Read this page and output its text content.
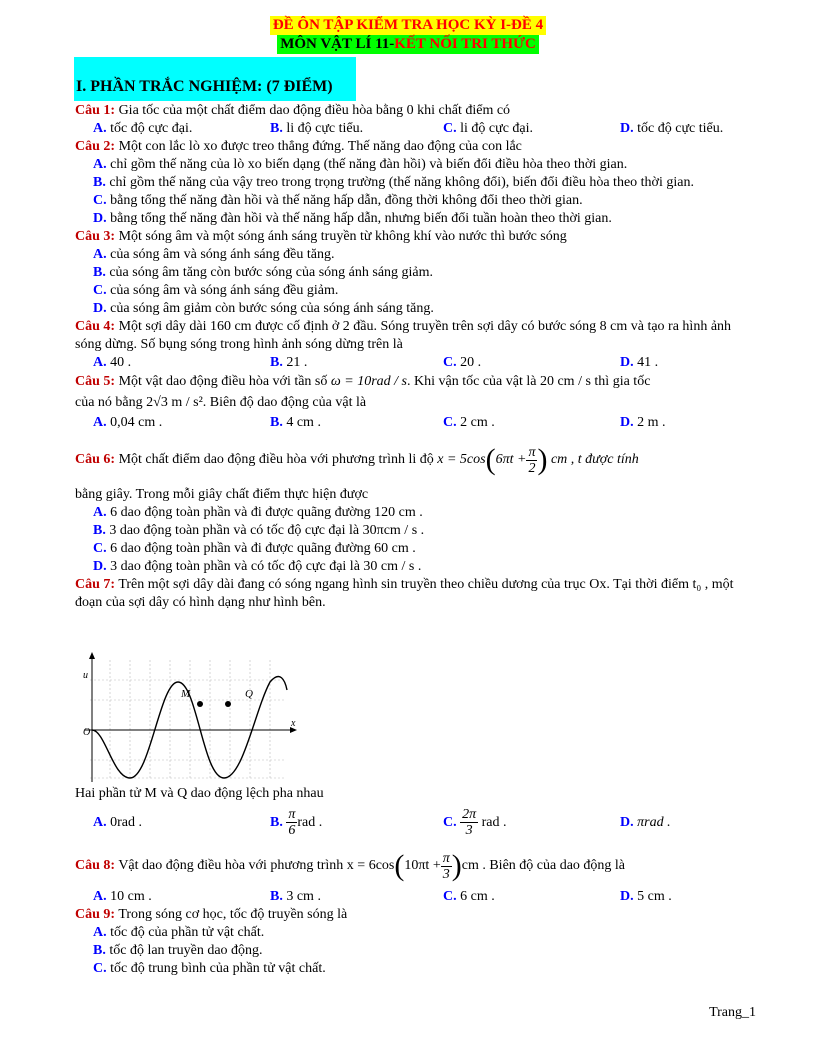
ĐỀ ÔN TẬP KIỂM TRA HỌC KỲ I-ĐỀ 4
MÔN VẬT LÍ 11-KẾT NỐI TRI THỨC
I. PHẦN TRẮC NGHIỆM: (7 ĐIỂM)
Câu 1: Gia tốc của một chất điểm dao động điều hòa bằng 0 khi chất điểm có
A. tốc độ cực đại.	B. li độ cực tiểu.	C. li độ cực đại.	D. tốc độ cực tiểu.
Câu 2: Một con lắc lò xo được treo thẳng đứng. Thế năng dao động của con lắc
A. chỉ gồm thế năng của lò xo biến dạng (thế năng đàn hồi) và biến đổi điều hòa theo thời gian.
B. chỉ gồm thế năng của vậy treo trong trọng trường (thế năng không đổi), biến đổi điều hòa theo thời gian.
C. bằng tổng thế năng đàn hồi và thế năng hấp dẫn, đồng thời không đổi theo thời gian.
D. bằng tổng thế năng đàn hồi và thế năng hấp dẫn, nhưng biến đổi tuần hoàn theo thời gian.
Câu 3: Một sóng âm và một sóng ánh sáng truyền từ không khí vào nước thì bước sóng
A. của sóng âm và sóng ánh sáng đều tăng.
B. của sóng âm tăng còn bước sóng của sóng ánh sáng giảm.
C. của sóng âm và sóng ánh sáng đều giảm.
D. của sóng âm giảm còn bước sóng của sóng ánh sáng tăng.
Câu 4: Một sợi dây dài 160 cm được cố định ở 2 đầu. Sóng truyền trên sợi dây có bước sóng 8 cm và tạo ra hình ảnh sóng dừng. Số bụng sóng trong hình ảnh sóng dừng trên là
A. 40 .	B. 21 .	C. 20 .	D. 41 .
Câu 5: Một vật dao động điều hòa với tần số ω = 10rad / s. Khi vận tốc của vật là 20 cm / s thì gia tốc
của nó bằng 2√3 m / s². Biên độ dao động của vật là
A. 0,04 cm .	B. 4 cm .	C. 2 cm .	D. 2 m .
Câu 6: Một chất điểm dao động điều hòa với phương trình li độ $x = 5\cos(6\pi t + \frac{\pi}{2}$ ) cm , t được tính
bằng giây. Trong mỗi giây chất điểm thực hiện được
A. 6 dao động toàn phần và đi được quãng đường 120 cm .
B. 3 dao động toàn phần và có tốc độ cực đại là 30πcm / s .
C. 6 dao động toàn phần và đi được quãng đường 60 cm .
D. 3 dao động toàn phần và có tốc độ cực đại là 30 cm / s .
Câu 7: Trên một sợi dây dài đang có sóng ngang hình sin truyền theo chiều dương của trục Ox. Tại thời điểm t₀ , một đoạn của sợi dây có hình dạng như hình bên.
u
O
x
M	Q
Hai phần tử M và Q dao động lệch pha nhau
A. 0rad .	B. $\frac{\pi}{6}$ rad .	C. $\frac{2\pi}{3}$ rad .	D. πrad .
Câu 8: Vật dao động điều hòa với phương trình $x = 6\cos(10\pi t + \frac{\pi}{3} )cm$ . Biên độ của dao động là
A. 10 cm .	B. 3 cm .	C. 6 cm .	D. 5 cm .
Câu 9: Trong sóng cơ học, tốc độ truyền sóng là
A. tốc độ của phần tử vật chất.
B. tốc độ lan truyền dao động.
C. tốc độ trung bình của phần tử vật chất.
Trang_1
